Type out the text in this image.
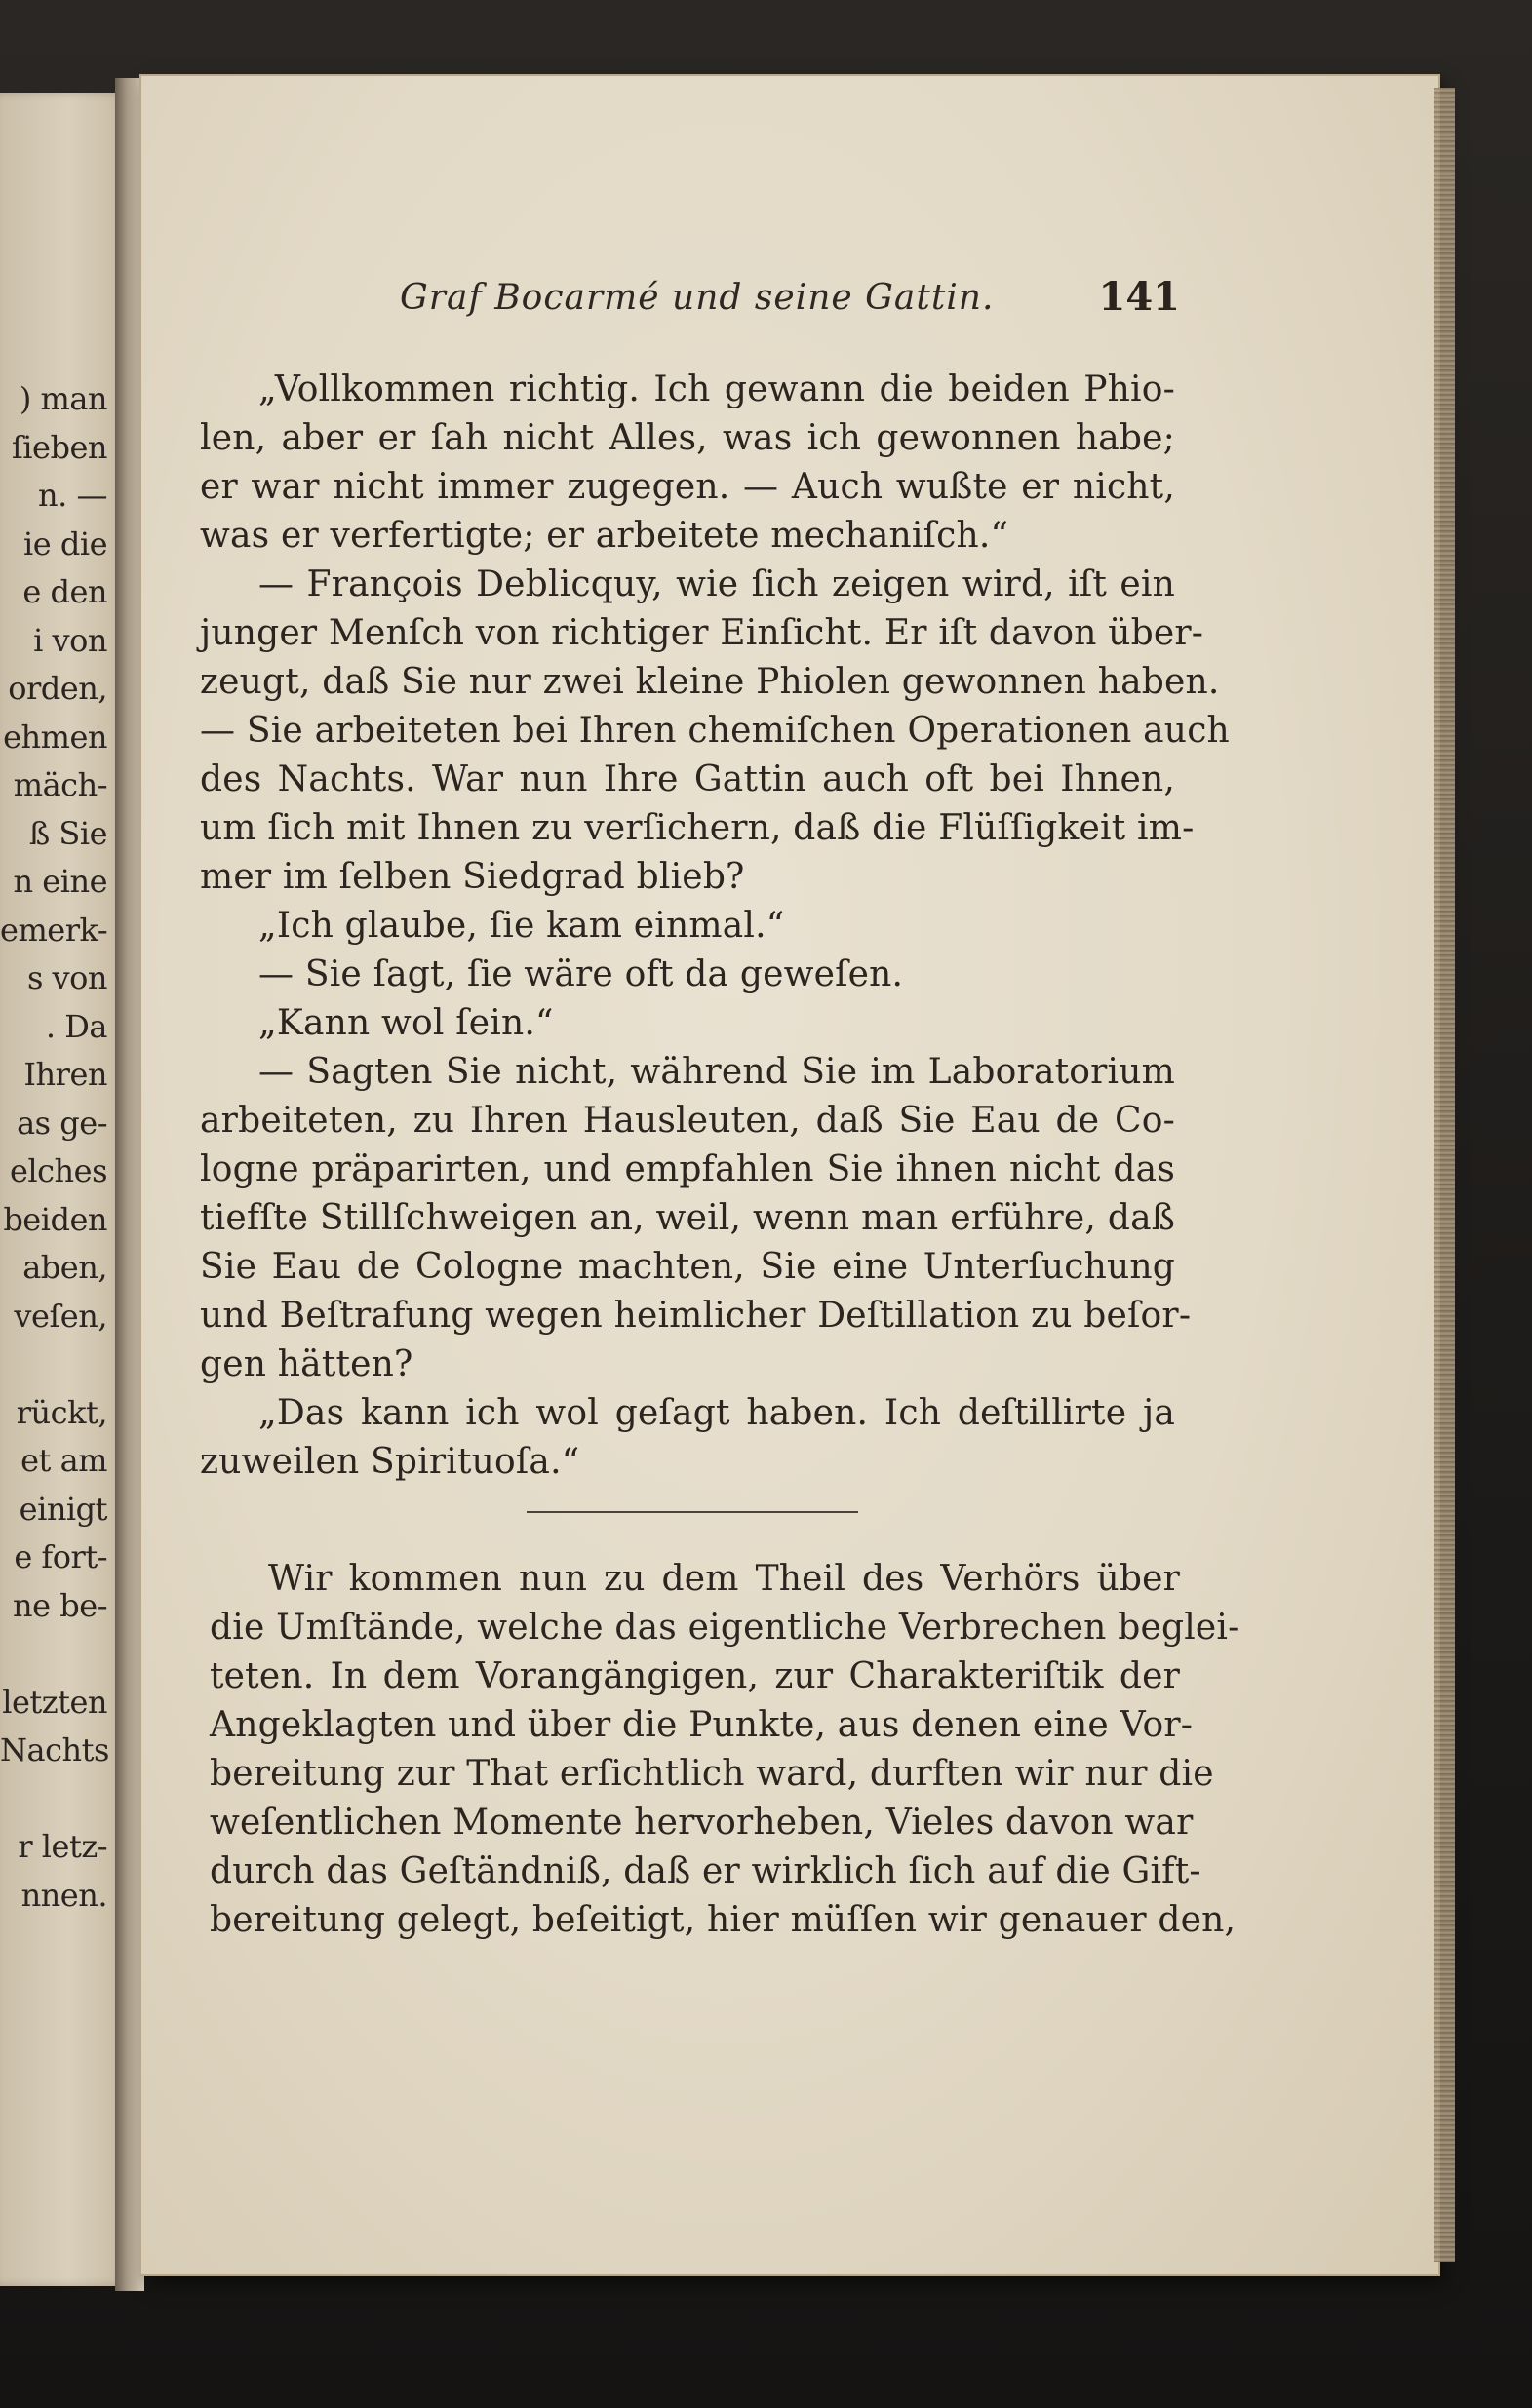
) man
ſieben
n. —
ie die
e den
i von
orden,
ehmen
mäch-
ß Sie
n eine
emerk-
s von
. Da
Ihren
as ge-
elches
beiden
aben,
veſen,
rückt,
et am
einigt
e fort-
ne be-
letzten
Nachts
r letz-
nnen.
Graf Bocarmé und seine Gattin.	141
„Vollkommen richtig. Ich gewann die beiden Phio-
len, aber er ſah nicht Alles, was ich gewonnen habe;
er war nicht immer zugegen. — Auch wußte er nicht,
was er verfertigte; er arbeitete mechaniſch.“
— François Deblicquy, wie ſich zeigen wird, iſt ein
junger Menſch von richtiger Einſicht. Er iſt davon über-
zeugt, daß Sie nur zwei kleine Phiolen gewonnen haben.
— Sie arbeiteten bei Ihren chemiſchen Operationen auch
des Nachts. War nun Ihre Gattin auch oft bei Ihnen,
um ſich mit Ihnen zu verſichern, daß die Flüſſigkeit im-
mer im ſelben Siedgrad blieb?
„Ich glaube, ſie kam einmal.“
— Sie ſagt, ſie wäre oft da geweſen.
„Kann wol ſein.“
— Sagten Sie nicht, während Sie im Laboratorium
arbeiteten, zu Ihren Hausleuten, daß Sie Eau de Co-
logne präparirten, und empfahlen Sie ihnen nicht das
tiefſte Stillſchweigen an, weil, wenn man erführe, daß
Sie Eau de Cologne machten, Sie eine Unterſuchung
und Beſtrafung wegen heimlicher Deſtillation zu beſor-
gen hätten?
„Das kann ich wol geſagt haben. Ich deſtillirte ja
zuweilen Spirituoſa.“
Wir kommen nun zu dem Theil des Verhörs über
die Umſtände, welche das eigentliche Verbrechen beglei-
teten. In dem Vorangängigen, zur Charakteriſtik der
Angeklagten und über die Punkte, aus denen eine Vor-
bereitung zur That erſichtlich ward, durften wir nur die
weſentlichen Momente hervorheben, Vieles davon war
durch das Geſtändniß, daß er wirklich ſich auf die Gift-
bereitung gelegt, beſeitigt, hier müſſen wir genauer den,
